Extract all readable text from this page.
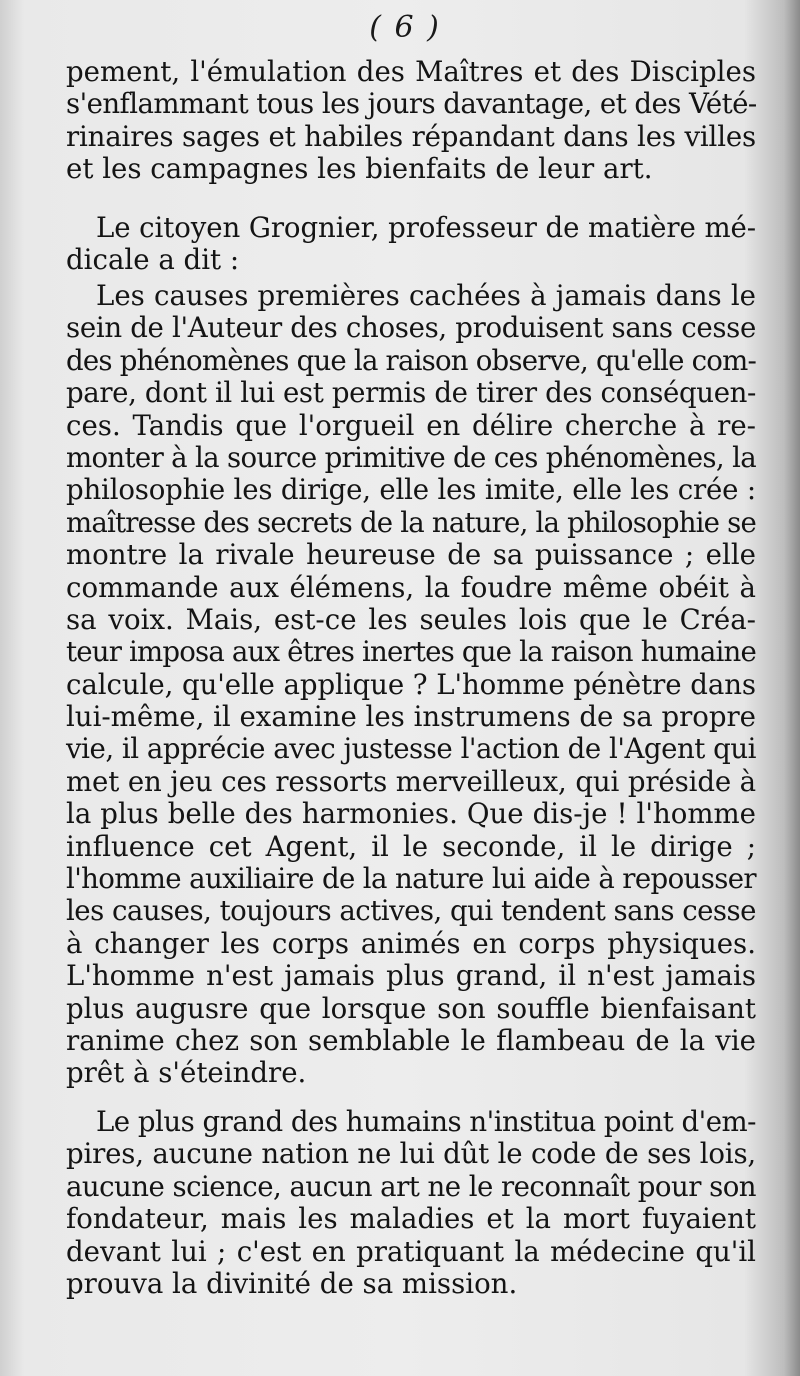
( 6 )
pement, l'émulation des Maîtres et des Disciples
s'enflammant tous les jours davantage, et des Vété-
rinaires sages et habiles répandant dans les villes
et les campagnes les bienfaits de leur art.
Le citoyen Grognier, professeur de matière mé-
dicale a dit :
Les causes premières cachées à jamais dans le
sein de l'Auteur des choses, produisent sans cesse
des phénomènes que la raison observe, qu'elle com-
pare, dont il lui est permis de tirer des conséquen-
ces. Tandis que l'orgueil en délire cherche à re-
monter à la source primitive de ces phénomènes, la
philosophie les dirige, elle les imite, elle les crée :
maîtresse des secrets de la nature, la philosophie se
montre la rivale heureuse de sa puissance ; elle
commande aux élémens, la foudre même obéit à
sa voix. Mais, est-ce les seules lois que le Créa-
teur imposa aux êtres inertes que la raison humaine
calcule, qu'elle applique ? L'homme pénètre dans
lui-même, il examine les instrumens de sa propre
vie, il apprécie avec justesse l'action de l'Agent qui
met en jeu ces ressorts merveilleux, qui préside à
la plus belle des harmonies. Que dis-je ! l'homme
influence cet Agent, il le seconde, il le dirige ;
l'homme auxiliaire de la nature lui aide à repousser
les causes, toujours actives, qui tendent sans cesse
à changer les corps animés en corps physiques.
L'homme n'est jamais plus grand, il n'est jamais
plus augusre que lorsque son souffle bienfaisant
ranime chez son semblable le flambeau de la vie
prêt à s'éteindre.
Le plus grand des humains n'institua point d'em-
pires, aucune nation ne lui dût le code de ses lois,
aucune science, aucun art ne le reconnaît pour son
fondateur, mais les maladies et la mort fuyaient
devant lui ; c'est en pratiquant la médecine qu'il
prouva la divinité de sa mission.
